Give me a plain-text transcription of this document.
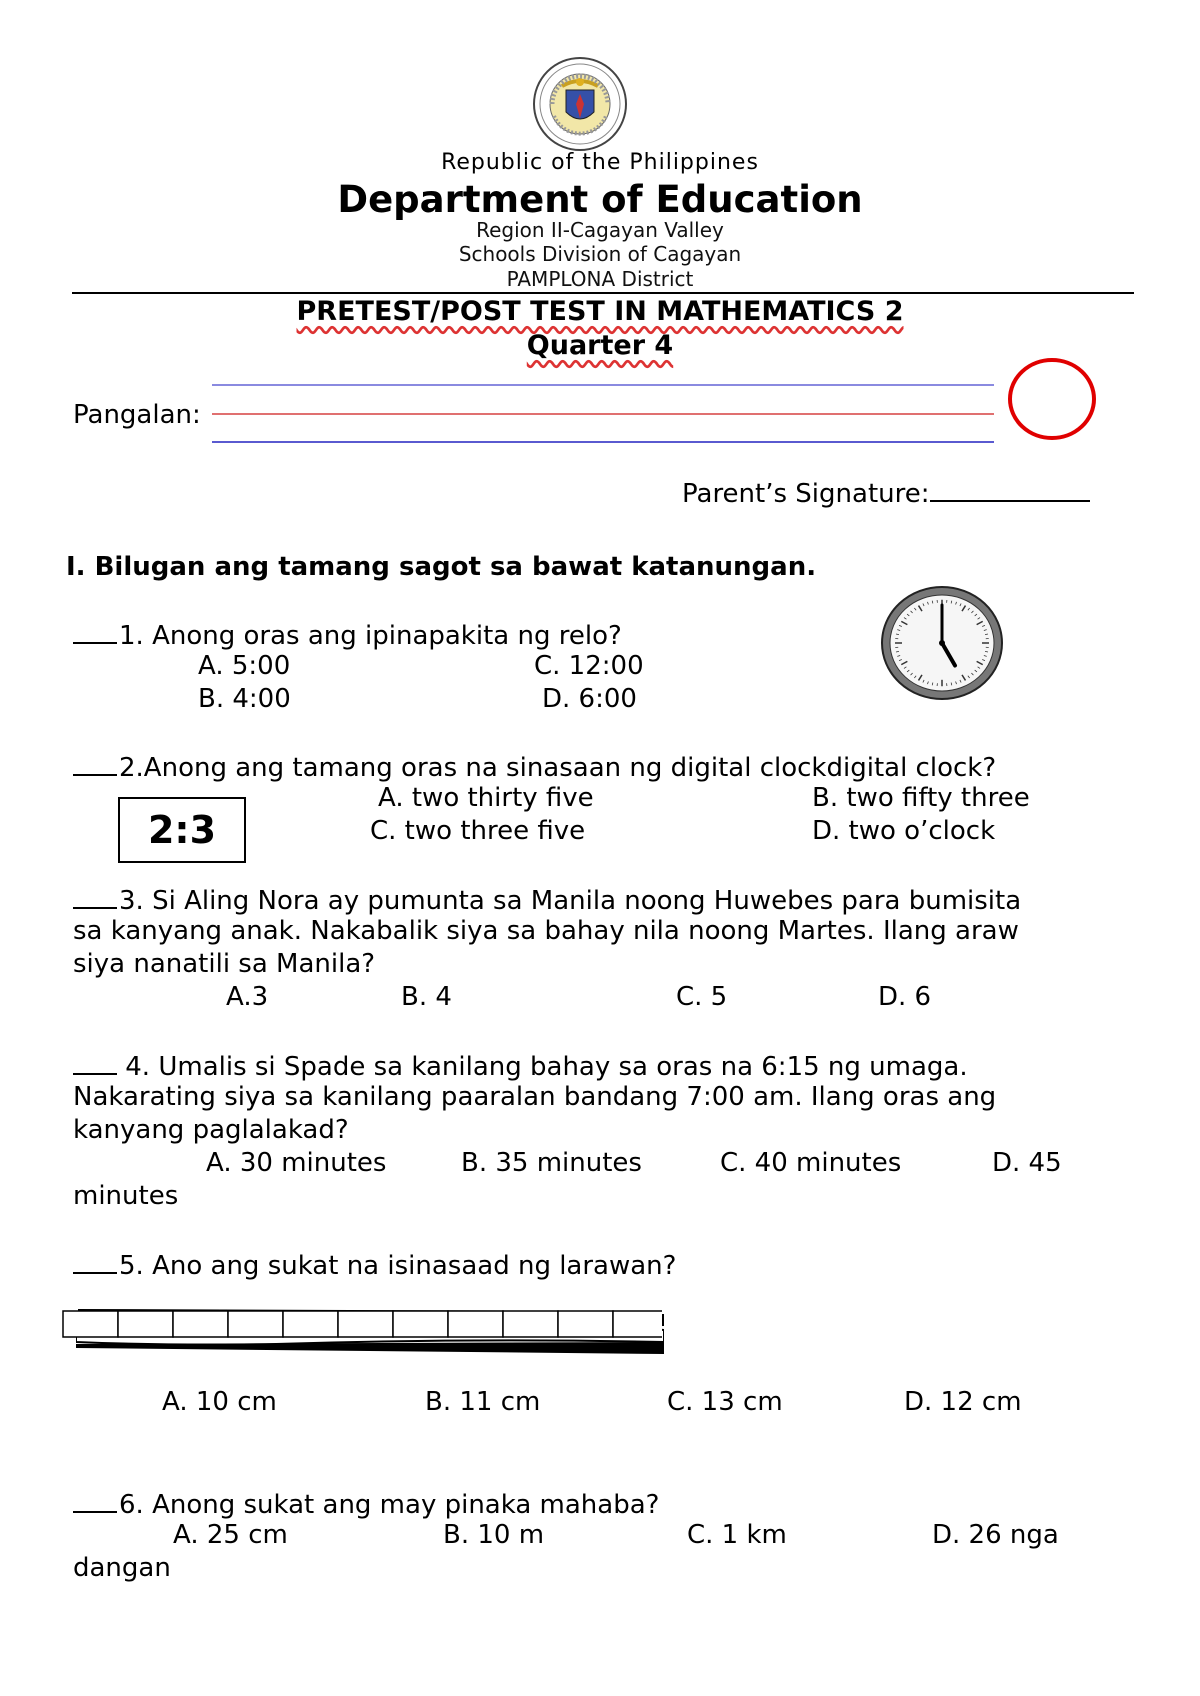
Republic of the Philippines
Department of Education
Region II-Cagayan Valley
Schools Division of Cagayan
PAMPLONA District
PRETEST/POST TEST IN MATHEMATICS 2
Quarter 4
Pangalan:
Parent’s Signature:
I. Bilugan ang tamang sagot sa bawat katanungan.
1. Anong oras ang ipinapakita ng relo?
A. 5:00	C. 12:00
B. 4:00	D. 6:00
2.Anong ang tamang oras na sinasaan ng digital clockdigital clock?
2:3
A. two thirty five	B. two fifty three
C. two three five	D. two o’clock
3. Si Aling Nora ay pumunta sa Manila noong Huwebes para bumisita
sa kanyang anak. Nakabalik siya sa bahay nila noong Martes. Ilang araw
siya nanatili sa Manila?
A.3	B. 4	C. 5	D. 6
4. Umalis si Spade sa kanilang bahay sa oras na 6:15 ng umaga.
Nakarating siya sa kanilang paaralan bandang 7:00 am. Ilang oras ang
kanyang paglalakad?
A. 30 minutes	B. 35 minutes	C. 40 minutes	D. 45
minutes
5. Ano ang sukat na isinasaad ng larawan?
A. 10 cm	B. 11 cm	C. 13 cm	D. 12 cm
6. Anong sukat ang may pinaka mahaba?
A. 25 cm	B. 10 m	C. 1 km	D. 26 nga
dangan
